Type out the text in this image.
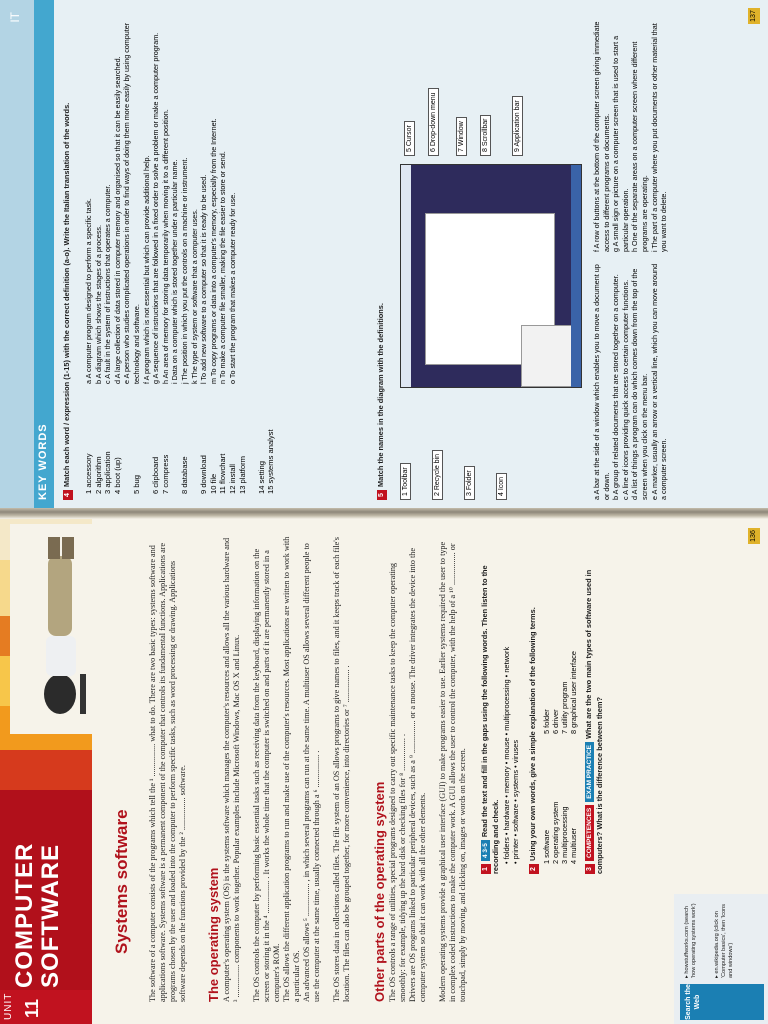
UNIT 11
COMPUTER SOFTWARE	Systems software The software of a computer consists of the programs which tell the ¹ ................ what to do. There are two basic types: systems software and applications software. Systems software is a permanent component of the computer that controls its fundamental functions. Applications are programs chosen by the user and loaded into the computer to perform specific tasks, such as word processing or drawing. Applications software depends on the functions provided by the ² ................ software. The operating system A computer's operating system (OS) is the systems software which manages the computer's resources and allows all the various hardware and ³ ................ components to work together. Popular examples include Microsoft Windows, Mac OS X and Linux. The OS controls the computer by performing basic essential tasks such as receiving data from the keyboard, displaying information on the screen or storing it in the ⁴ ................ . It works the whole time that the computer is switched on and parts of it are permanently stored in a computer's ROM. The OS allows the different application programs to run and make use of the computer's resources. Most applications are written to work with a particular OS. An advanced OS allows ⁵ ................ , in which several programs can run at the same time. A multiuser OS allows several different people to use the computer at the same time, usually connected through a ⁶ ................ . The OS stores data in collections called files. The file system of an OS allows programs to give names to files, and it keeps track of each file's location. The files can also be grouped together, for more convenience, into directories or ⁷ ................ . Other parts of the operating system The OS controls a range of utilities, special programs designed to carry out specific maintenance tasks to keep the computer operating smoothly: for example, tidying up the hard disk or checking files for ⁸ ................ . Drivers are OS programs linked to particular peripheral devices, such as a ⁹ ................ or a mouse. The driver integrates the device into the computer system so that it can work with all the other elements. Modern operating systems provide a graphical user interface (GUI) to make programs easier to use. Earlier systems required the user to type in complex coded instructions to make the computer work. A GUI allows the user to control the computer, with the help of a ¹⁰ ................ or touchpad, simply by moving, and clicking on, images or words on the screen. 14 3-5Read the text and fill in the gaps using the following words. Then listen to the recording and check. • folders • hardware • memory • mouse • multiprocessing • network • printer • software • systems • viruses
2Using your own words, give a simple explanation of the following terms. 1 software 2 operating system 3 multiprocessing 4 multiuser
5 folder 6 driver 7 utility program 8 graphical user interface
3COMPETENCESEXAM PRACTICEWhat are the two main types of software used in computers? What is the difference between them?
Search the Web
▸ howstuffworks.com (search 'how operating systems work')	▸ en.wikipedia.org (click on 'Computer basics', then 'Icons and windows')
136
IT
KEY WORDS 4Match each word / expression (1-15) with the correct definition (a-o). Write the Italian translation of the words. 1 accessory 2 algorithm 3 application 4 boot (up)
5 bug
6 clipboard 7 compress
8 database
9 download 10 file 11 flowchart 12 install 13 platform
14 setting 15 systems analyst
a A computer program designed to perform a specific task. b A diagram which shows the stages of a process. c A fault in the system of instructions that operates a computer. d A large collection of data stored in computer memory and organised so that it can be easily searched. e A person who studies complicated operations in order to find ways of doing them more easily by using computer technology and software. f A program which is not essential but which can provide additional help. g A sequence of instructions that are followed in a fixed order to solve a problem or make a computer program. h An area of memory for storing data temporarily when moving it to a different position. i Data on a computer which is stored together under a particular name. j The position in which you put the controls on a machine or instrument. k The type of system or software that a computer uses. l To add new software to a computer so that it is ready to be used. m To copy programs or data into a computer's memory, especially from the Internet. n To make a computer file smaller, making the file easier to store or send. o To start the program that makes a computer ready for use.
5Match the names in the diagram with the definitions. 1 Toolbar	2 Recycle bin	3 Folder	4 Icon
5 Cursor 6 Drop-down menu	7 Window 8 Scrollbar	9 Application bar
a A bar at the side of a window which enables you to move a document up or down. b A group of related documents that are stored together on a computer. c A line of icons providing quick access to certain computer functions. d A list of things a program can do which comes down from the top of the screen when you click on the menu bar. e A marker, usually an arrow or a vertical line, which you can move around a computer screen.
f A row of buttons at the bottom of the computer screen giving immediate access to different programs or documents. g A small sign or picture on a computer screen that is used to start a particular operation. h One of the separate areas on a computer screen where different programs are operating. i The part of a computer where you put documents or other material that you want to delete.
137
